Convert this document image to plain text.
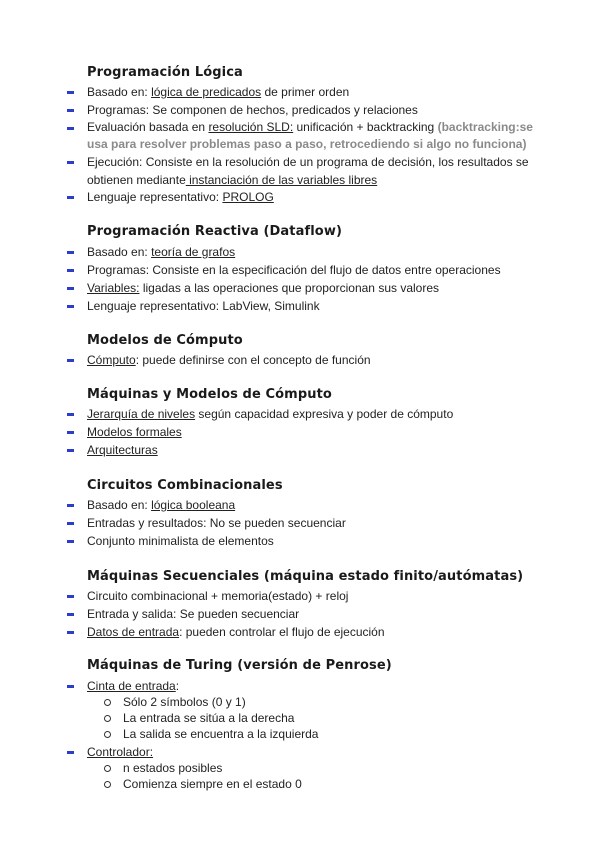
Programación Lógica
Basado en: lógica de predicados de primer orden
Programas: Se componen de hechos, predicados y relaciones
Evaluación basada en resolución SLD: unificación + backtracking (backtracking:se usa para resolver problemas paso a paso, retrocediendo si algo no funciona)
Ejecución: Consiste en la resolución de un programa de decisión, los resultados se obtienen mediante instanciación de las variables libres
Lenguaje representativo: PROLOG
Programación Reactiva (Dataflow)
Basado en: teoría de grafos
Programas: Consiste en la especificación del flujo de datos entre operaciones
Variables: ligadas a las operaciones que proporcionan sus valores
Lenguaje representativo: LabView, Simulink
Modelos de Cómputo
Cómputo: puede definirse con el concepto de función
Máquinas y Modelos de Cómputo
Jerarquía de niveles según capacidad expresiva y poder de cómputo
Modelos formales
Arquitecturas
Circuitos Combinacionales
Basado en: lógica booleana
Entradas y resultados: No se pueden secuenciar
Conjunto minimalista de elementos
Máquinas Secuenciales (máquina estado finito/autómatas)
Circuito combinacional + memoria(estado) + reloj
Entrada y salida: Se pueden secuenciar
Datos de entrada: pueden controlar el flujo de ejecución
Máquinas de Turing (versión de Penrose)
Cinta de entrada:
Sólo 2 símbolos (0 y 1)
La entrada se sitúa a la derecha
La salida se encuentra a la izquierda
Controlador:
n estados posibles
Comienza siempre en el estado 0
